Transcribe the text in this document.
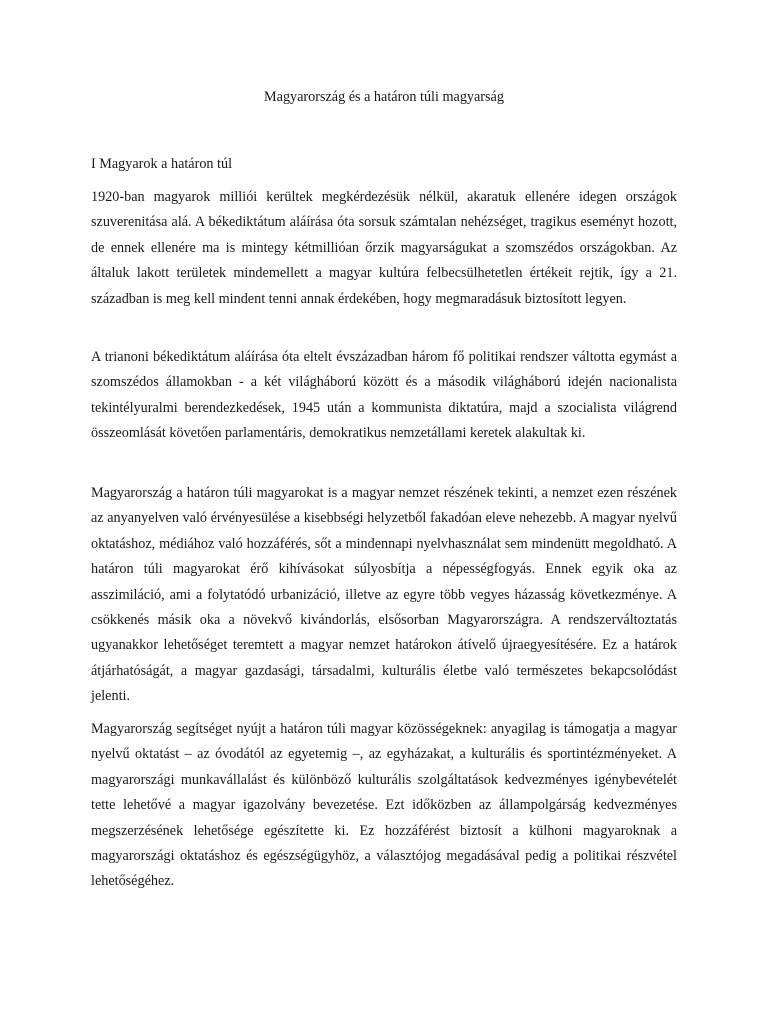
Magyarország és a határon túli magyarság
I Magyarok a határon túl

1920-ban magyarok milliói kerültek megkérdezésük nélkül, akaratuk ellenére idegen országok szuverenitása alá. A békediktátum aláírása óta sorsuk számtalan nehézséget, tragikus eseményt hozott, de ennek ellenére ma is mintegy kétmillióan őrzik magyarságukat a szomszédos országokban. Az általuk lakott területek mindemellett a magyar kultúra felbecsülhetetlen értékeit rejtik, így a 21. században is meg kell mindent tenni annak érdekében, hogy megmaradásuk biztosított legyen.

A trianoni békediktátum aláírása óta eltelt évszázadban három fő politikai rendszer váltotta egymást a szomszédos államokban - a két világháború között és a második világháború idején nacionalista tekintélyuralmi berendezkedések, 1945 után a kommunista diktatúra, majd a szocialista világrend összeomlását követően parlamentáris, demokratikus nemzetállami keretek alakultak ki.

Magyarország a határon túli magyarokat is a magyar nemzet részének tekinti, a nemzet ezen részének az anyanyelven való érvényesülése a kisebbségi helyzetből fakadóan eleve nehezebb. A magyar nyelvű oktatáshoz, médiához való hozzáférés, sőt a mindennapi nyelvhasználat sem mindenütt megoldható. A határon túli magyarokat érő kihívásokat súlyosbítja a népességfogyás. Ennek egyik oka az asszimiláció, ami a folytatódó urbanizáció, illetve az egyre több vegyes házasság következménye. A csökkenés másik oka a növekvő kivándorlás, elsősorban Magyarországra. A rendszerváltoztatás ugyanakkor lehetőséget teremtett a magyar nemzet határokon átívelő újraegyesítésére. Ez a határok átjárhatóságát, a magyar gazdasági, társadalmi, kulturális életbe való természetes bekapcsolódást jelenti.

Magyarország segítséget nyújt a határon túli magyar közösségeknek: anyagilag is támogatja a magyar nyelvű oktatást – az óvodától az egyetemig –, az egyházakat, a kulturális és sportintézményeket. A magyarországi munkavállalást és különböző kulturális szolgáltatások kedvezményes igénybevételét tette lehetővé a magyar igazolvány bevezetése. Ezt időközben az állampolgárság kedvezményes megszerzésének lehetősége egészítette ki. Ez hozzáférést biztosít a külhoni magyaroknak a magyarországi oktatáshoz és egészségügyhöz, a választójog megadásával pedig a politikai részvétel lehetőségéhez.
